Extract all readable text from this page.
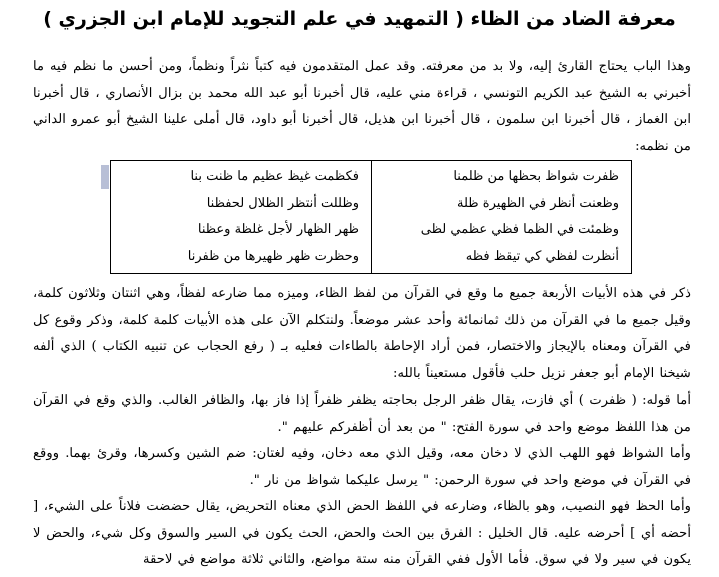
معرفة الضاد من الظاء ( التمهيد في علم التجويد للإمام ابن الجزري )

وهذا الباب يحتاج القارئ إليه، ولا بد من معرفته. وقد عمل المتقدمون فيه كتباً نثراً ونظماً، ومن أحسن ما نظم فيه ما أخبرني به الشيخ عبد الكريم التونسي ، قراءة مني عليه، قال أخبرنا أبو عبد الله محمد بن بزال الأنصاري ، قال أخبرنا ابن الغماز ، قال أخبرنا ابن سلمون ، قال أخبرنا ابن هذيل، قال أخبرنا أبو داود، قال أملى علينا الشيخ أبو عمرو الداني من نظمه:

ظفرت شواظ بحظها من ظلمنا
وظعنت أنظر في الظهيرة ظلة
وظمئت في الظما فظي عظمي لظى
أنظرت لفظي كي تيقظ فظه
فكظمت غيظ عظيم ما ظنت بنا
وظللت أنتظر الظلال لحفظنا
ظهر الظهار لأجل غلظة وعظنا
وحظرت ظهر ظهيرها من ظفرنا

ذكر في هذه الأبيات الأربعة جميع ما وقع في القرآن من لفظ الظاء، وميزه مما ضارعه لفظاً، وهي اثنتان وثلاثون كلمة، وقيل جميع ما في القرآن من ذلك ثمانمائة وأحد عشر موضعاً. ولنتكلم الآن على هذه الأبيات كلمة كلمة، وذكر وقوع كل في القرآن ومعناه بالإيجاز والاختصار، فمن أراد الإحاطة بالطاءات فعليه بـ ( رفع الحجاب عن تنبيه الكتاب ) الذي ألفه شيخنا الإمام أبو جعفر نزيل حلب فأقول مستعيناً بالله:

أما قوله: ( ظفرت ) أي فازت، يقال ظفر الرجل بحاجته يظفر ظفراً إذا فاز بها، والظافر الغالب. والذي وقع في القرآن من هذا اللفظ موضع واحد في سورة الفتح: " من بعد أن أظفركم عليهم ".

وأما الشواظ فهو اللهب الذي لا دخان معه، وقيل الذي معه دخان، وفيه لغتان: ضم الشين وكسرها، وقرئ بهما. ووقع في القرآن في موضع واحد في سورة الرحمن: " يرسل عليكما شواظ من نار ".

وأما الحظ فهو النصيب، وهو بالظاء، وضارعه في اللفظ الحض الذي معناه التحريض، يقال حضضت فلاناً على الشيء، [ أحضه أي ] أحرضه عليه. قال الخليل : الفرق بين الحث والحض، الحث يكون في السير والسوق وكل شيء، والحض لا يكون في سير ولا في سوق. فأما الأول ففي القرآن منه ستة مواضع، والثاني ثلاثة مواضع في لاحقة
